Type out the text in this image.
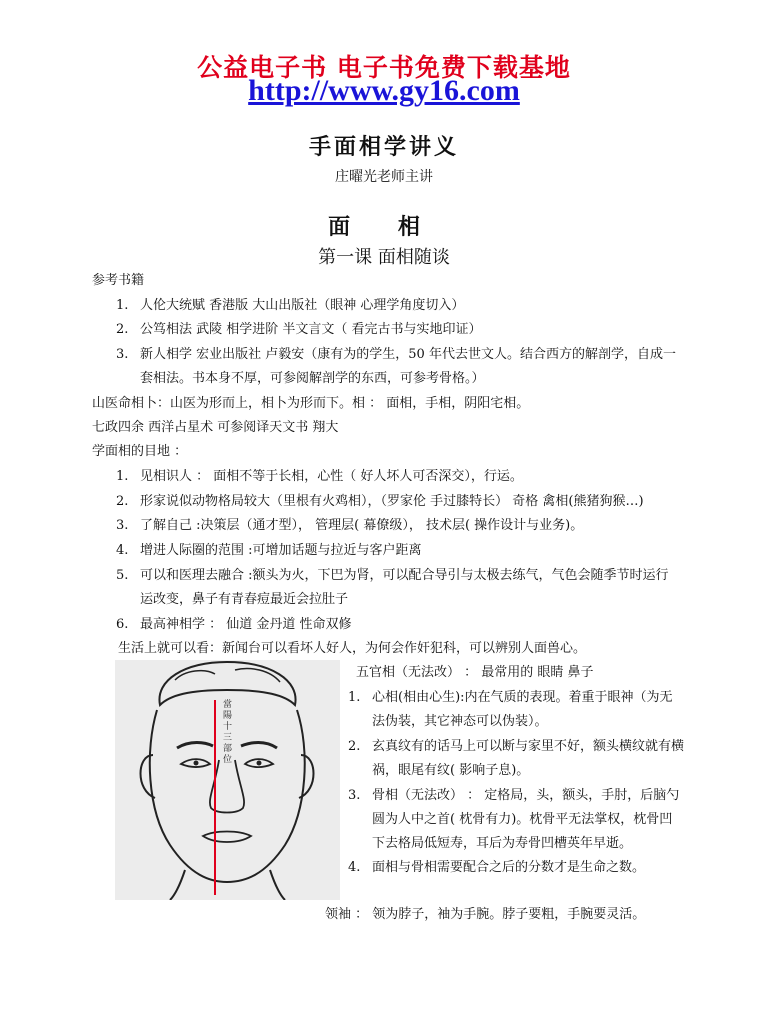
公益电子书 电子书免费下载基地
http://www.gy16.com
手面相学讲义
庄曜光老师主讲
面 相
第一课 面相随谈
参考书籍
1. 人伦大统赋 香港版 大山出版社（眼神 心理学角度切入）
2. 公笃相法 武陵 相学进阶 半文言文（ 看完古书与实地印证）
3. 新人相学 宏业出版社 卢毅安（康有为的学生，50 年代去世文人。结合西方的解剖学，自成一
套相法。书本身不厚，可参阅解剖学的东西，可参考骨格。）
山医命相卜：山医为形而上，相卜为形而下。相 ： 面相，手相，阴阳宅相。
七政四余 西洋占星术 可参阅译天文书 翔大
学面相的目地 ：
1. 见相识人 ： 面相不等于长相，心性（ 好人坏人可否深交），行运。
2. 形家说似动物格局较大（里根有火鸡相），（罗家伦 手过膝特长） 奇格 禽相(熊猪狗猴…)
3. 了解自己 :决策层（通才型）， 管理层( 幕僚级）， 技术层( 操作设计与业务)。
4. 增进人际圈的范围 :可增加话题与拉近与客户距离
5. 可以和医理去融合 :额头为火，下巴为肾，可以配合导引与太极去练气，气色会随季节时运行
运改变，鼻子有青春痘最近会拉肚子
6. 最高神相学 ： 仙道 金丹道 性命双修
生活上就可以看：新闻台可以看坏人好人，为何会作奸犯科，可以辨别人面兽心。
當陽十三部位
五官相（无法改） ： 最常用的 眼睛 鼻子
1. 心相(相由心生):内在气质的表现。着重于眼神（为无
法伪装，其它神态可以伪装）。
2. 玄真纹有的话马上可以断与家里不好，额头横纹就有横
祸，眼尾有纹( 影响子息)。
3. 骨相（无法改） ： 定格局，头，额头，手肘，后脑勺
圆为人中之首( 枕骨有力)。枕骨平无法掌权，枕骨凹
下去格局低短寿，耳后为寿骨凹槽英年早逝。
4. 面相与骨相需要配合之后的分数才是生命之数。
领袖 ： 领为脖子，袖为手腕。脖子要粗，手腕要灵活。
